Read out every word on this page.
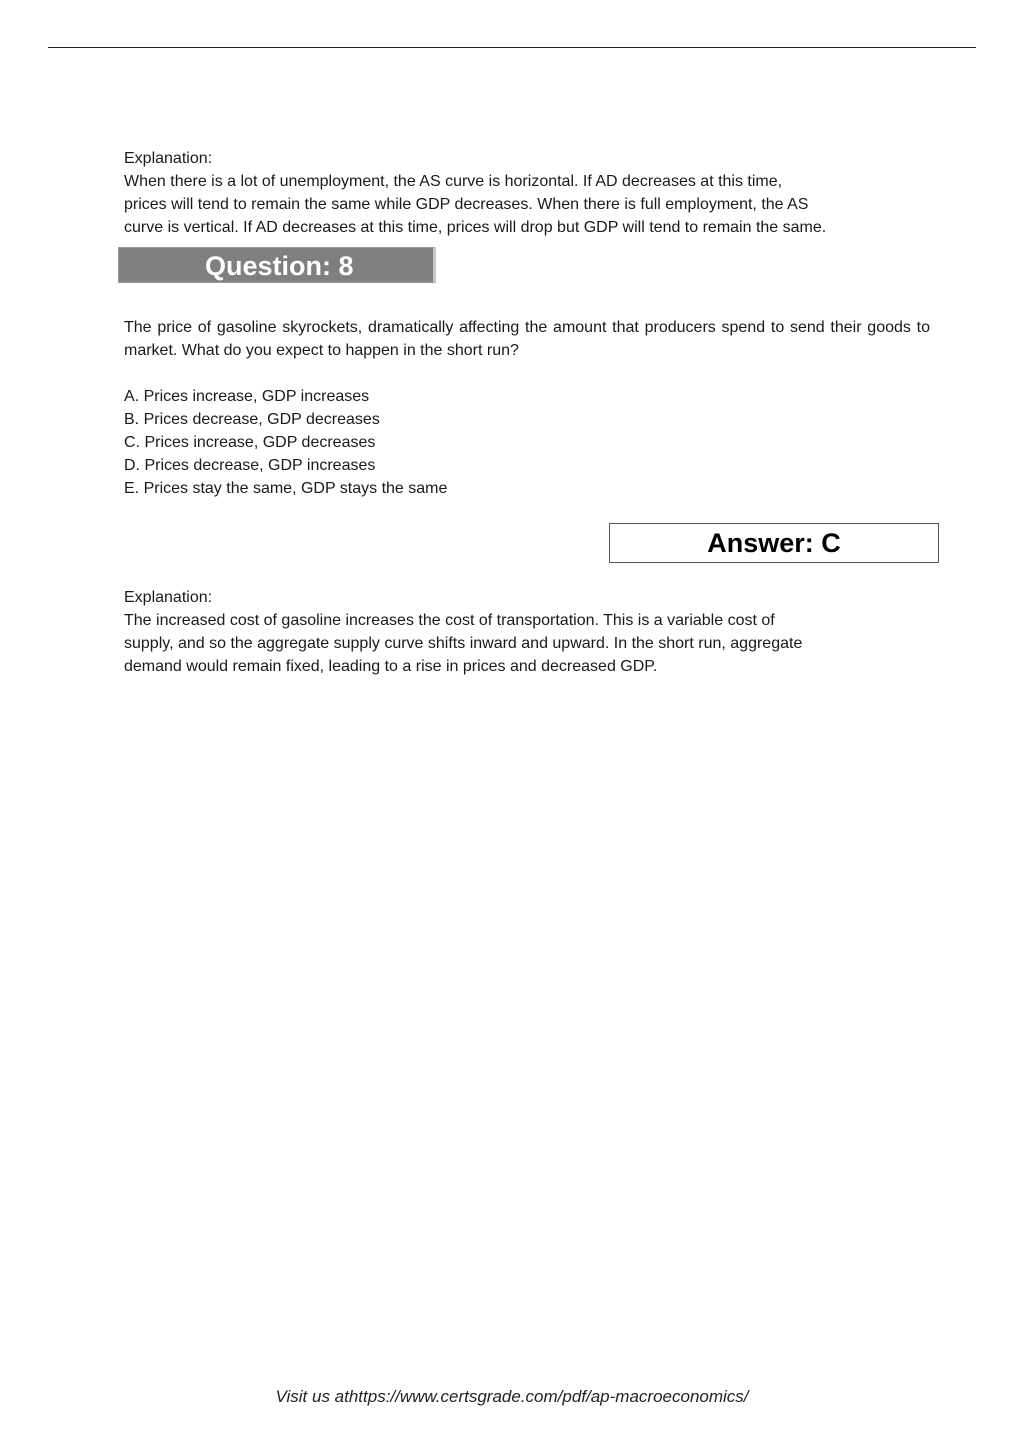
Explanation:

When there is a lot of unemployment, the AS curve is horizontal. If AD decreases at this time,

prices will tend to remain the same while GDP decreases. When there is full employment, the AS

curve is vertical. If AD decreases at this time, prices will drop but GDP will tend to remain the same.

Question: 8

The price of gasoline skyrockets, dramatically affecting the amount that producers spend to send their goods to market. What do you expect to happen in the short run?

A. Prices increase, GDP increases

B. Prices decrease, GDP decreases

C. Prices increase, GDP decreases

D. Prices decrease, GDP increases

E. Prices stay the same, GDP stays the same

Answer: C

Explanation:

The increased cost of gasoline increases the cost of transportation. This is a variable cost of

supply, and so the aggregate supply curve shifts inward and upward. In the short run, aggregate

demand would remain fixed, leading to a rise in prices and decreased GDP.

Visit us athttps://www.certsgrade.com/pdf/ap-macroeconomics/
